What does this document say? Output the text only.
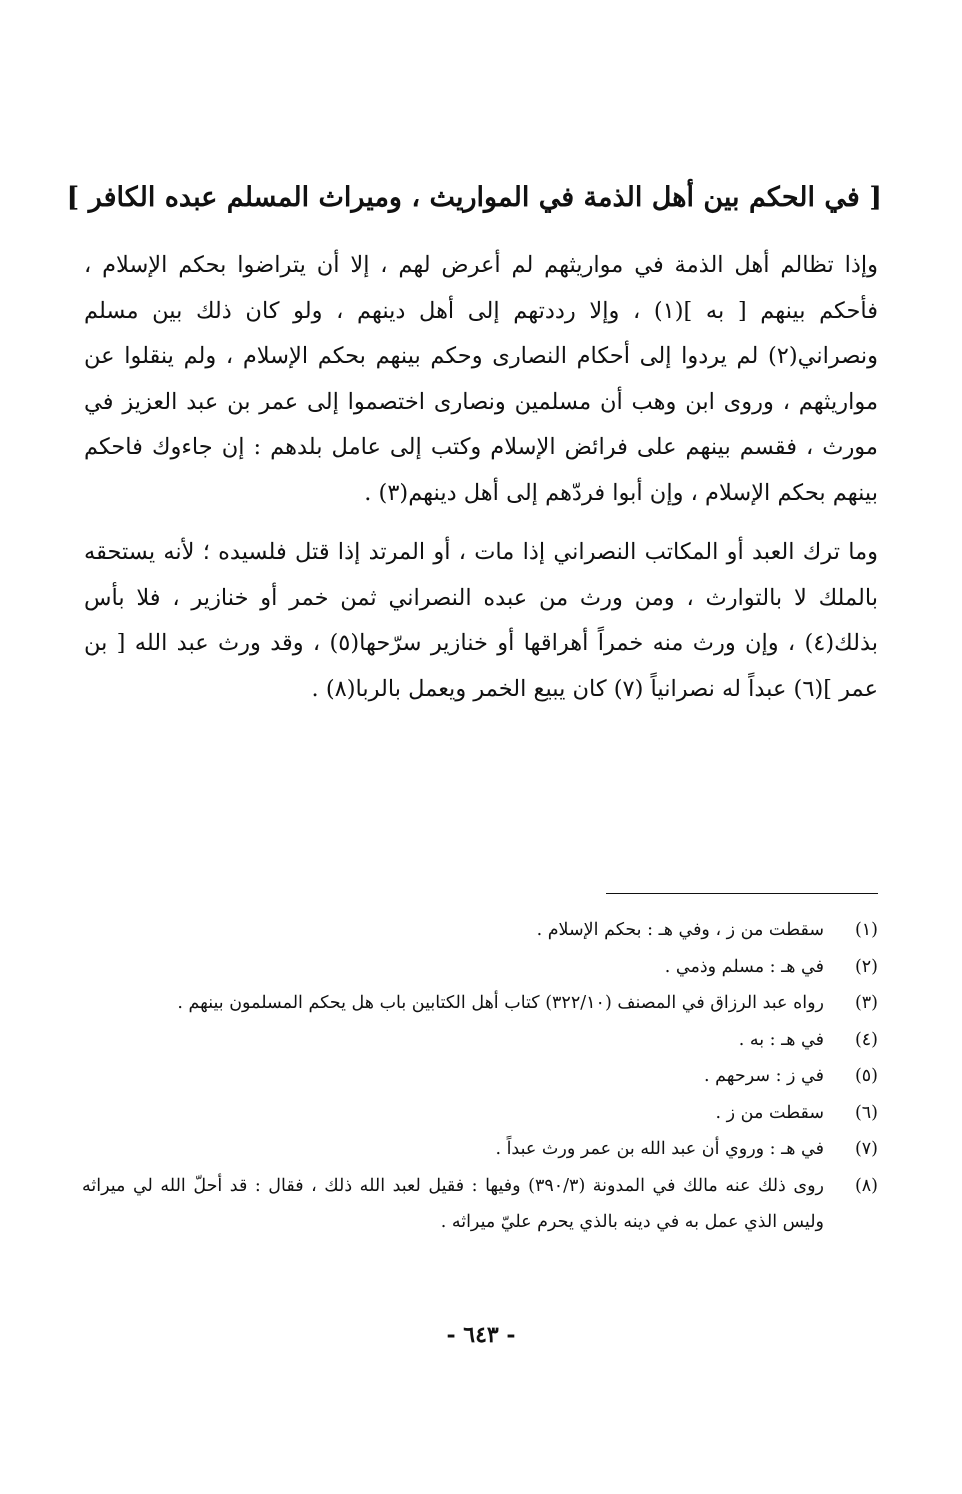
[ في الحكم بين أهل الذمة في المواريث ، وميراث المسلم عبده الكافر ]

وإذا تظالم أهل الذمة في مواريثهم لم أعرض لهم ، إلا أن يتراضوا بحكم الإسلام ، فأحكم بينهم [ به ](١) ، وإلا رددتهم إلى أهل دينهم ، ولو كان ذلك بين مسلم ونصراني(٢) لم يردوا إلى أحكام النصارى وحكم بينهم بحكم الإسلام ، ولم ينقلوا عن مواريثهم ، وروى ابن وهب أن مسلمين ونصارى اختصموا إلى عمر بن عبد العزيز في مورث ، فقسم بينهم على فرائض الإسلام وكتب إلى عامل بلدهم : إن جاءوك فاحكم بينهم بحكم الإسلام ، وإن أبوا فردّهم إلى أهل دينهم(٣) .

وما ترك العبد أو المكاتب النصراني إذا مات ، أو المرتد إذا قتل فلسيده ؛ لأنه يستحقه بالملك لا بالتوارث ، ومن ورث من عبده النصراني ثمن خمر أو خنازير ، فلا بأس بذلك(٤) ، وإن ورث منه خمراً أهراقها أو خنازير سرّحها(٥) ، وقد ورث عبد الله [ بن عمر ](٦) عبداً له نصرانياً (٧) كان يبيع الخمر ويعمل بالربا(٨) .

(١)
سقطت من ز ، وفي هـ : بحكم الإسلام .
(٢)
في هـ : مسلم وذمي .
(٣)
رواه عبد الرزاق في المصنف (٣٢٢/١٠) كتاب أهل الكتابين باب هل يحكم المسلمون بينهم .
(٤)
في هـ : به .
(٥)
في ز : سرحهم .
(٦)
سقطت من ز .
(٧)
في هـ : وروي أن عبد الله بن عمر ورث عبداً .
(٨)
روى ذلك عنه مالك في المدونة (٣٩٠/٣) وفيها : فقيل لعبد الله ذلك ، فقال : قد أحلّ الله لي ميراثه وليس الذي عمل به في دينه بالذي يحرم عليّ ميراثه .
- ٦٤٣ -
